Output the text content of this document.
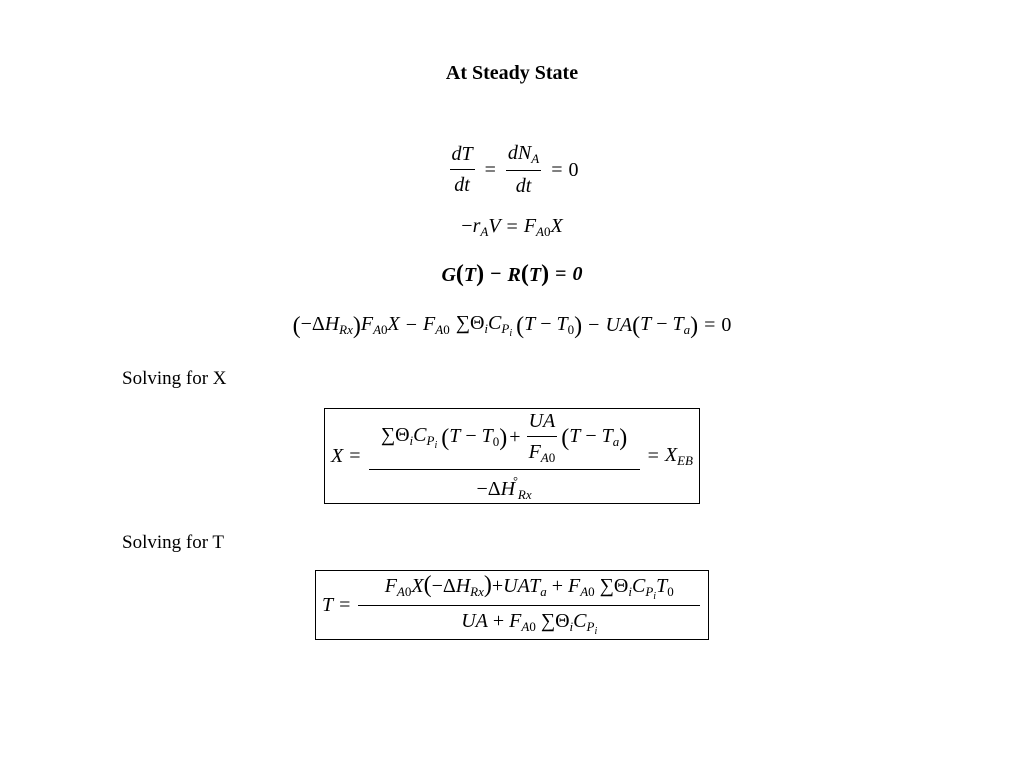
At Steady State
$\frac{dT}{dt} = \frac{dN_A}{dt} = 0$
$-r_AV = F_{A0}X$
G(T) − R(T) = 0
( $-\Delta H_{Rx}$ ) $F_{A0}X - F_{A0}$ $\sum\Theta_iC_{P_i}$ ( $T - T_0$ ) − UA ( $T - T_a$ ) = 0
Solving for X
X =
$\sum\Theta_iC_{P_i}$ ( $T - T_0$ ) + $\frac{UA}{F_{A0}}$ ( $T - T_a$ )
$-\Delta H^\circ_{Rx}$
= $X_{EB}$
Solving for T
$T = \frac{F_{A0}X(-\Delta H_{Rx})+UAT_a + F_{A0} \sum\Theta_iC_{P_i}T_0}{UA + F_{A0} \sum\Theta_iC_{P_i}}$
